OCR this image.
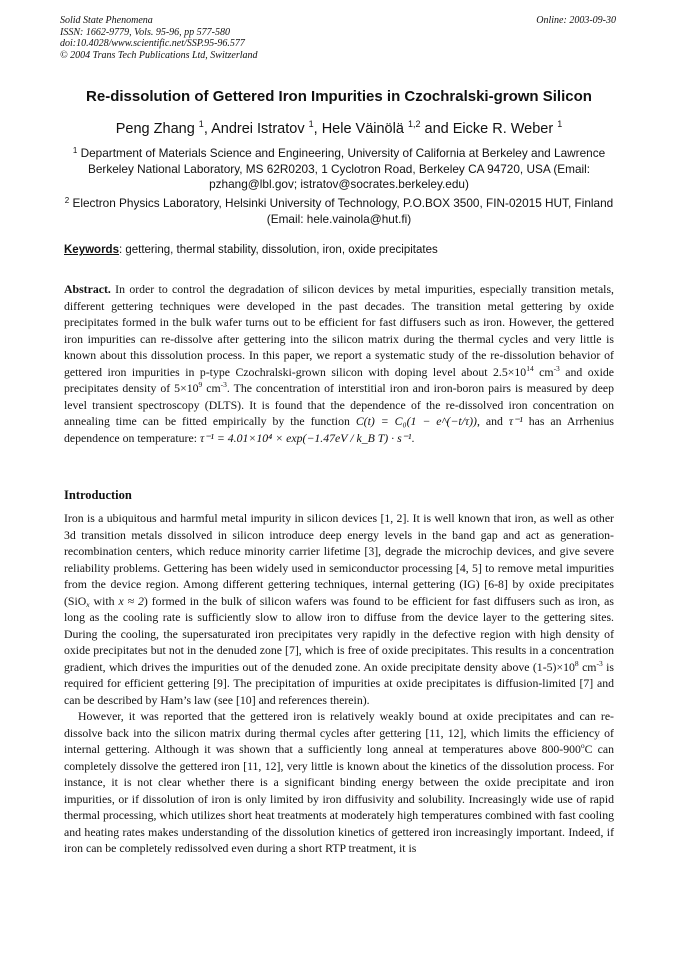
Solid State Phenomena
ISSN: 1662-9779, Vols. 95-96, pp 577-580
doi:10.4028/www.scientific.net/SSP.95-96.577
© 2004 Trans Tech Publications Ltd, Switzerland
Online: 2003-09-30
Re-dissolution of Gettered Iron Impurities in Czochralski-grown Silicon
Peng Zhang $^1$, Andrei Istratov $^1$, Hele Väinölä $^{1,2}$ and Eicke R. Weber $^1$
$^1$ Department of Materials Science and Engineering, University of California at Berkeley and Lawrence Berkeley National Laboratory, MS 62R0203, 1 Cyclotron Road, Berkeley CA 94720, USA (Email: pzhang@lbl.gov; istratov@socrates.berkeley.edu)
$^2$ Electron Physics Laboratory, Helsinki University of Technology, P.O.BOX 3500, FIN-02015 HUT, Finland (Email: hele.vainola@hut.fi)
Keywords: gettering, thermal stability, dissolution, iron, oxide precipitates

Abstract. In order to control the degradation of silicon devices by metal impurities, especially transition metals, different gettering techniques were developed in the past decades. The transition metal gettering by oxide precipitates formed in the bulk wafer turns out to be efficient for fast diffusers such as iron. However, the gettered iron impurities can re-dissolve after gettering into the silicon matrix during the thermal cycles and very little is known about this dissolution process. In this paper, we report a systematic study of the re-dissolution behavior of gettered iron impurities in p-type Czochralski-grown silicon with doping level about $2.5\times 10^{14}$ $cm^{-3}$ and oxide precipitates density of $5\times 10^9$ $cm^{-3}$. The concentration of interstitial iron and iron-boron pairs is measured by deep level transient spectroscopy (DLTS). It is found that the dependence of the re-dissolved iron concentration on annealing time can be fitted empirically by the function C(t) = C₀(1 − e^(−t/τ)), and τ⁻¹ has an Arrhenius dependence on temperature: τ⁻¹ = 4.01×10⁴ × exp(−1.47eV / k_B T) · s⁻¹.

Introduction

Iron is a ubiquitous and harmful metal impurity in silicon devices [1, 2]. It is well known that iron, as well as other 3d transition metals dissolved in silicon introduce deep energy levels in the band gap and act as generation-recombination centers, which reduce minority carrier lifetime [3], degrade the microchip devices, and give severe reliability problems. Gettering has been widely used in semiconductor processing [4, 5] to remove metal impurities from the device region. Among different gettering techniques, internal gettering (IG) [6-8] by oxide precipitates (SiO$_x$ with x ≈ 2) formed in the bulk of silicon wafers was found to be efficient for fast diffusers such as iron, as long as the cooling rate is sufficiently slow to allow iron to diffuse from the device layer to the gettering sites. During the cooling, the supersaturated iron precipitates very rapidly in the defective region with high density of oxide precipitates but not in the denuded zone [7], which is free of oxide precipitates. This results in a concentration gradient, which drives the impurities out of the denuded zone. An oxide precipitate density above $(1-5)\times 10^8$ $cm^{-3}$ is required for efficient gettering [9]. The precipitation of impurities at oxide precipitates is diffusion-limited [7] and can be described by Ham’s law (see [10] and references therein).

However, it was reported that the gettered iron is relatively weakly bound at oxide precipitates and can re-dissolve back into the silicon matrix during thermal cycles after gettering [11, 12], which limits the efficiency of internal gettering. Although it was shown that a sufficiently long anneal at temperatures above 800-900$^o$C can completely dissolve the gettered iron [11, 12], very little is known about the kinetics of the dissolution process. For instance, it is not clear whether there is a significant binding energy between the oxide precipitate and iron impurities, or if dissolution of iron is only limited by iron diffusivity and solubility. Increasingly wide use of rapid thermal processing, which utilizes short heat treatments at moderately high temperatures combined with fast cooling and heating rates makes understanding of the dissolution kinetics of gettered iron increasingly important. Indeed, if iron can be completely redissolved even during a short RTP treatment, it is
